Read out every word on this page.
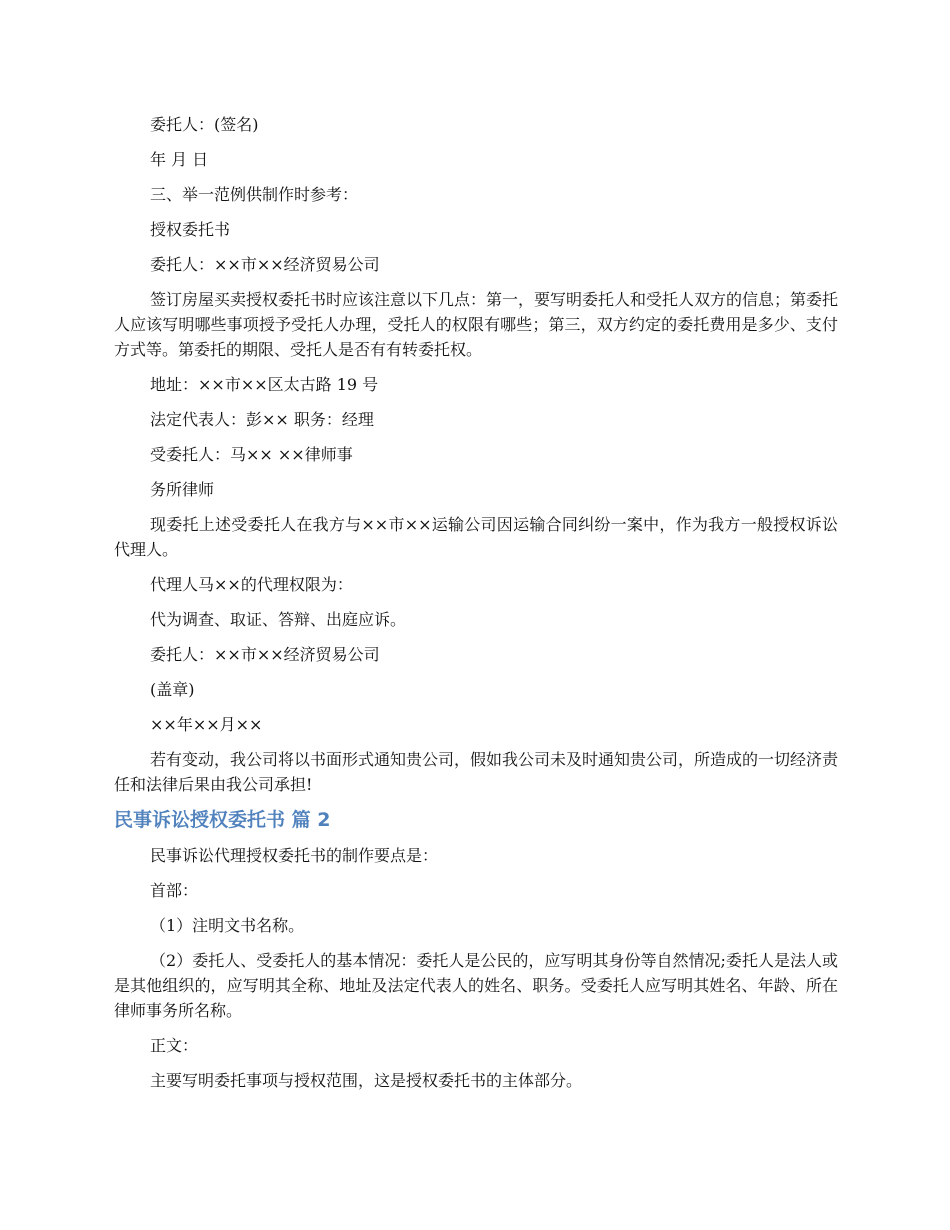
委托人：(签名)

年 月 日

三、举一范例供制作时参考：

授权委托书

委托人：××市××经济贸易公司

签订房屋买卖授权委托书时应该注意以下几点：第一，要写明委托人和受托人双方的信息；第委托人应该写明哪些事项授予受托人办理，受托人的权限有哪些；第三，双方约定的委托费用是多少、支付方式等。第委托的期限、受托人是否有有转委托权。

地址：××市××区太古路 19 号

法定代表人：彭×× 职务：经理

受委托人：马×× ××律师事

务所律师

现委托上述受委托人在我方与××市××运输公司因运输合同纠纷一案中，作为我方一般授权诉讼代理人。

代理人马××的代理权限为：

代为调查、取证、答辩、出庭应诉。

委托人：××市××经济贸易公司

(盖章)

××年××月××

若有变动，我公司将以书面形式通知贵公司，假如我公司未及时通知贵公司，所造成的一切经济责任和法律后果由我公司承担!

民事诉讼授权委托书 篇 2

民事诉讼代理授权委托书的制作要点是：

首部：

（1）注明文书名称。

（2）委托人、受委托人的基本情况：委托人是公民的，应写明其身份等自然情况;委托人是法人或是其他组织的，应写明其全称、地址及法定代表人的姓名、职务。受委托人应写明其姓名、年龄、所在律师事务所名称。

正文：

主要写明委托事项与授权范围，这是授权委托书的主体部分。
